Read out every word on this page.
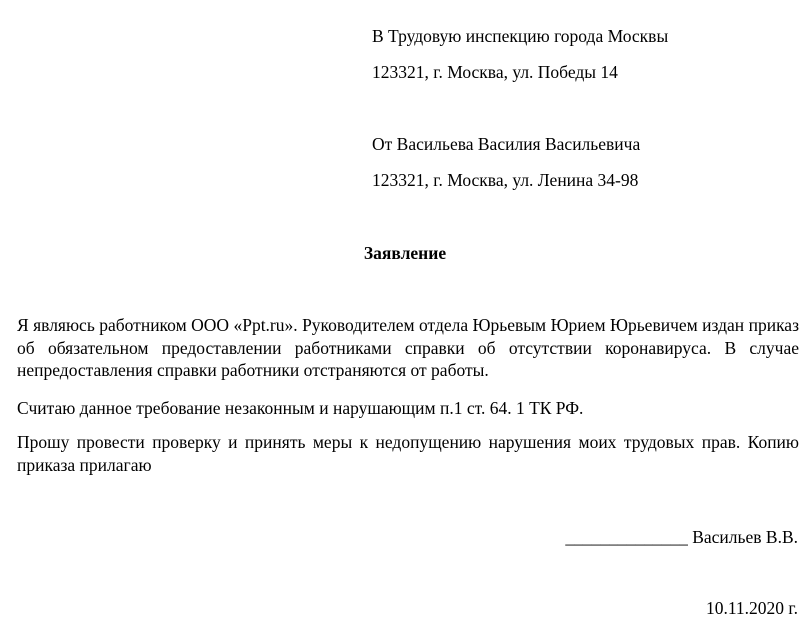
В Трудовую инспекцию города Москвы
123321, г. Москва, ул. Победы 14
От Васильева Василия Васильевича
123321, г. Москва, ул. Ленина 34-98
Заявление
Я являюсь работником ООО «Ppt.ru». Руководителем отдела Юрьевым Юрием Юрьевичем издан приказ об обязательном предоставлении работниками справки об отсутствии коронавируса. В случае непредоставления справки работники отстраняются от работы.
Считаю данное требование незаконным и нарушающим п.1 ст. 64. 1 ТК РФ.
Прошу провести проверку и принять меры к недопущению нарушения моих трудовых прав. Копию приказа прилагаю
______________ Васильев В.В.
10.11.2020 г.
